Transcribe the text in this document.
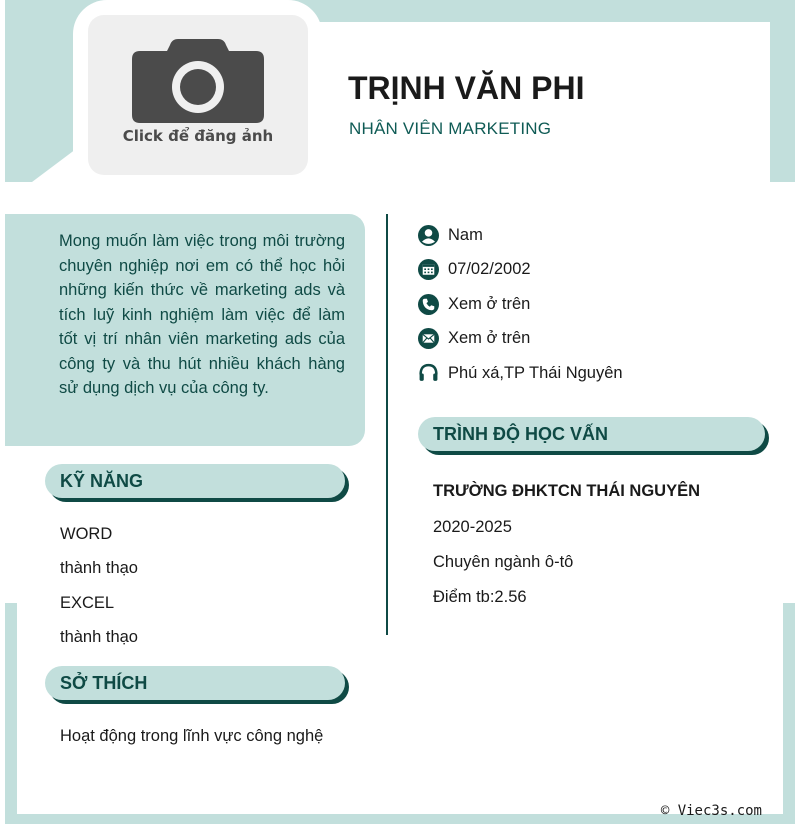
Click để đăng ảnh
TRỊNH VĂN PHI
NHÂN VIÊN MARKETING
Mong muốn làm việc trong môi trường chuyên nghiệp nơi em có thể học hỏi những kiến thức về marketing ads và tích luỹ kinh nghiệm làm việc để làm tốt vị trí nhân viên marketing ads của công ty và thu hút nhiều khách hàng sử dụng dịch vụ của công ty.
Nam
07/02/2002
Xem ở trên
Xem ở trên
Phú xá,TP Thái Nguyên
KỸ NĂNG
WORD
thành thạo
EXCEL
thành thạo
SỞ THÍCH
Hoạt động trong lĩnh vực công nghệ
TRÌNH ĐỘ HỌC VẤN
TRƯỜNG ĐHKTCN THÁI NGUYÊN
2020-2025
Chuyên ngành ô-tô
Điểm tb:2.56
© Viec3s.com
